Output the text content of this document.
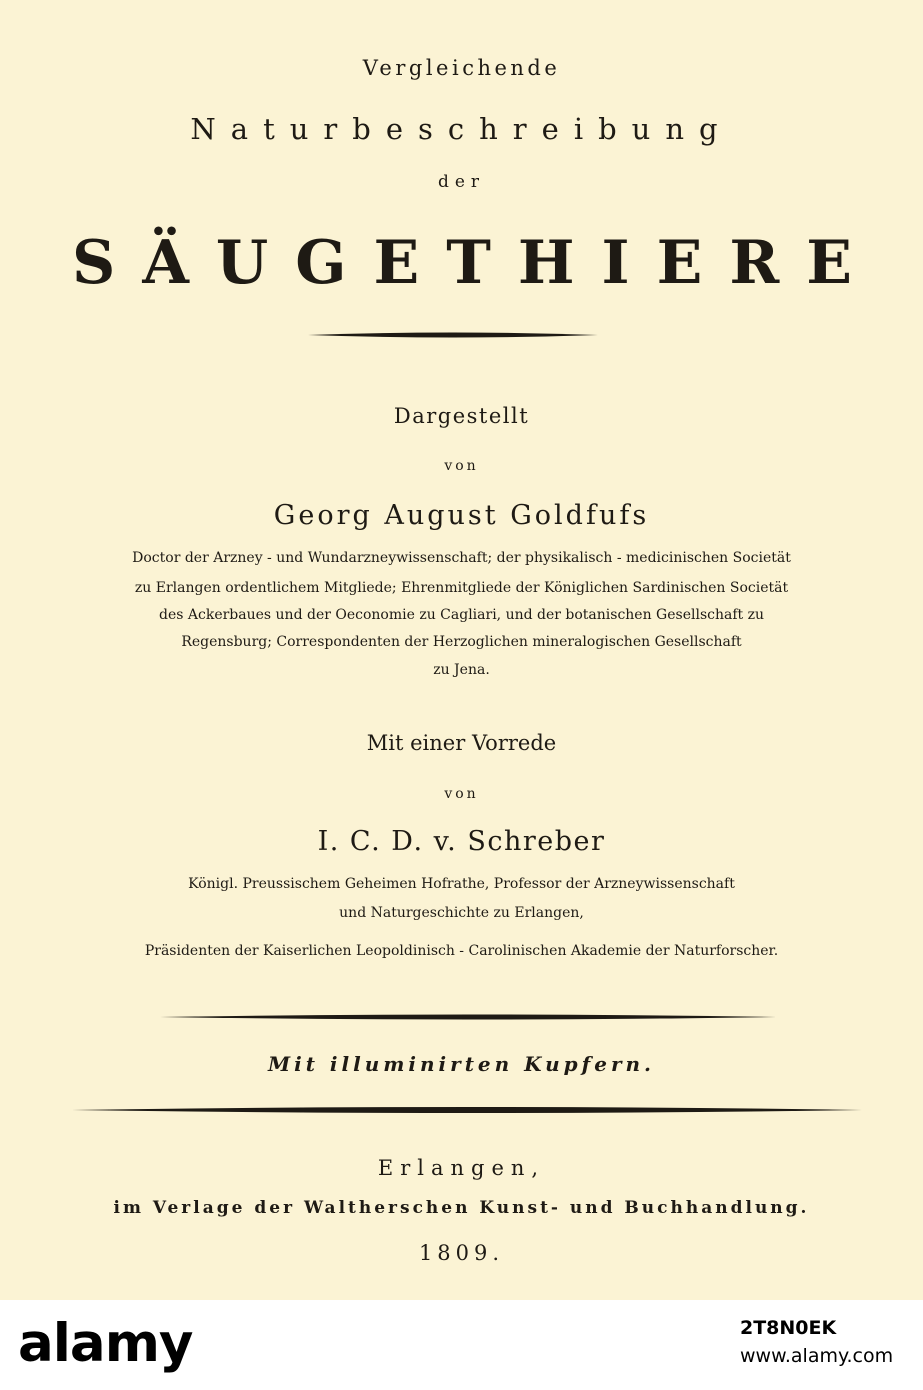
Vergleichende
Naturbeschreibung
der
SÄUGETHIERE
Dargestellt
von
Georg August Goldfufs
Doctor der Arzney - und Wundarzneywissenschaft; der physikalisch - medicinischen Societät
zu Erlangen ordentlichem Mitgliede; Ehrenmitgliede der Königlichen Sardinischen Societät
des Ackerbaues und der Oeconomie zu Cagliari, und der botanischen Gesellschaft zu
Regensburg; Correspondenten der Herzoglichen mineralogischen Gesellschaft
zu Jena.
Mit einer Vorrede
von
I. C. D. v. Schreber
Königl. Preussischem Geheimen Hofrathe, Professor der Arzneywissenschaft
und Naturgeschichte zu Erlangen,
Präsidenten der Kaiserlichen Leopoldinisch - Carolinischen Akademie der Naturforscher.
Mit illuminirten Kupfern.
Erlangen,
im Verlage der Waltherschen Kunst- und Buchhandlung.
1809.
alamy	2T8N0EK
www.alamy.com
